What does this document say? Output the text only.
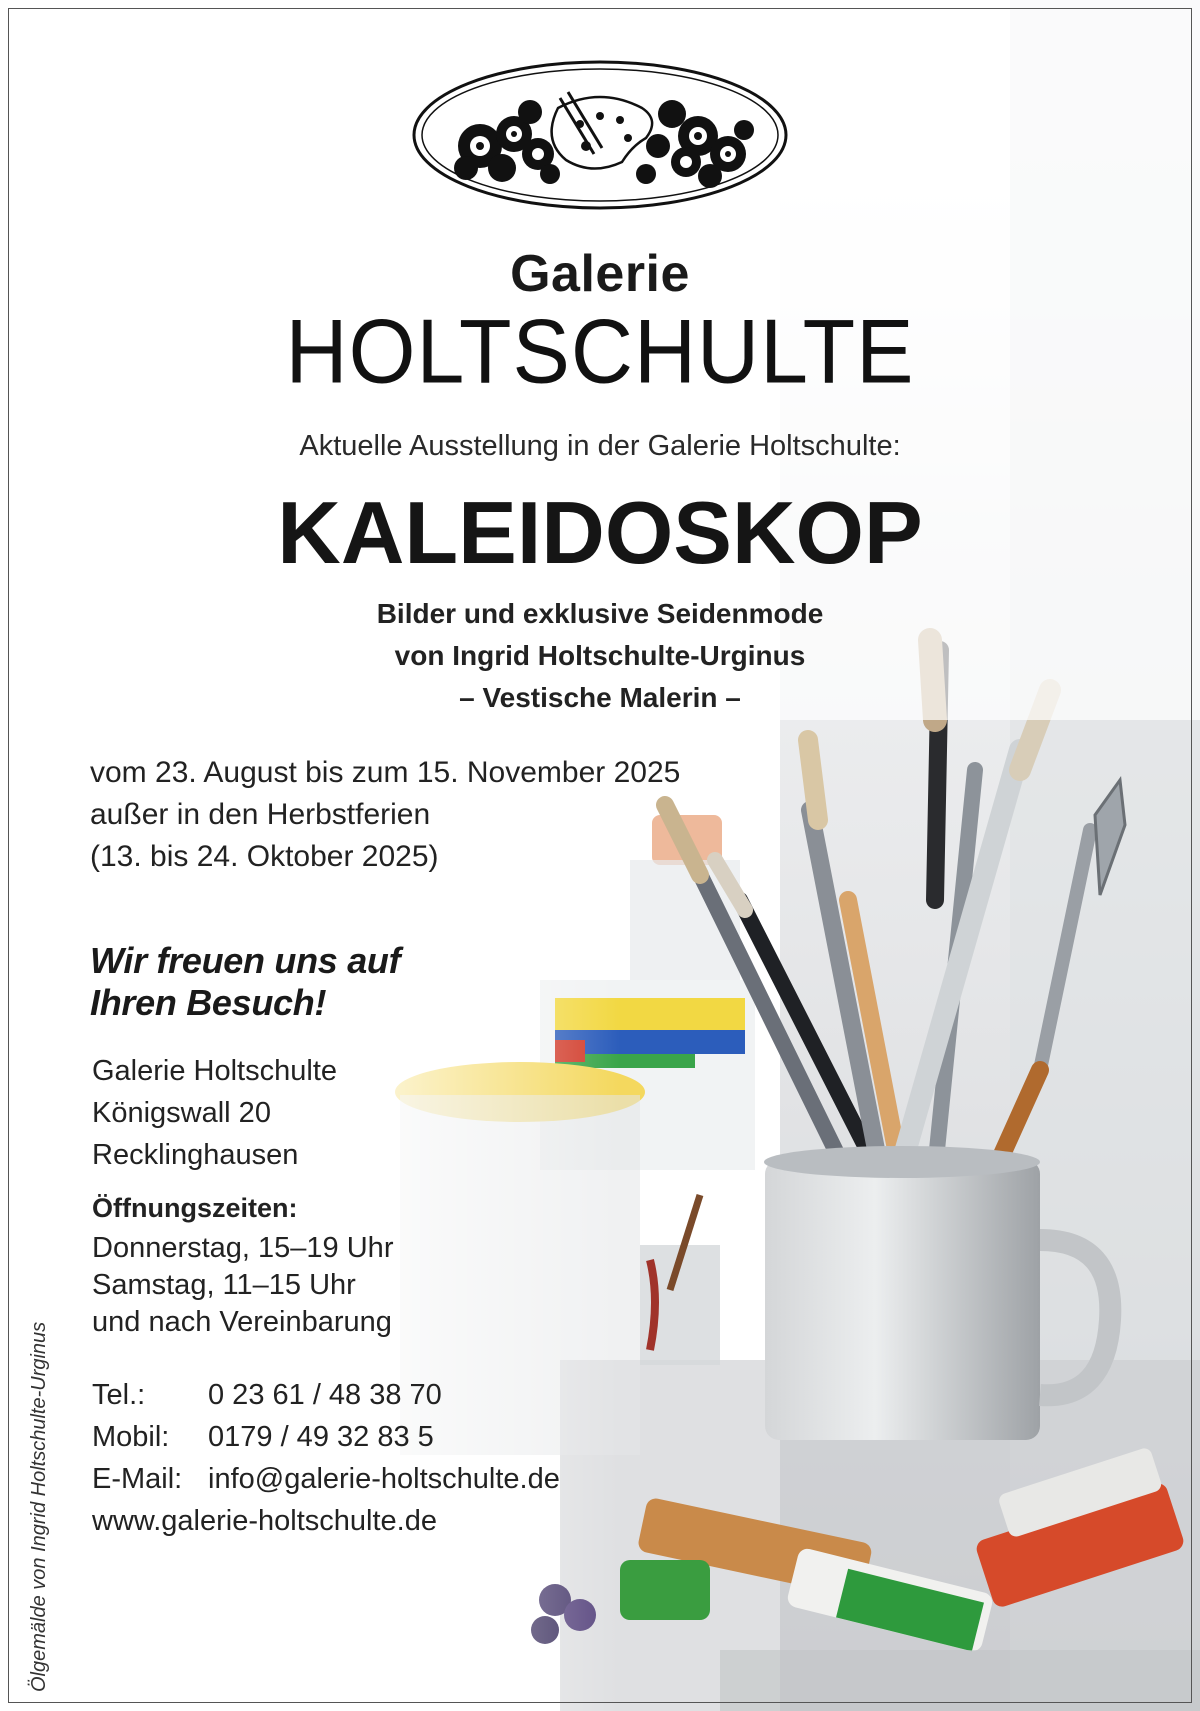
Galerie
HOLTSCHULTE
Aktuelle Ausstellung in der Galerie Holtschulte:
KALEIDOSKOP
Bilder und exklusive Seidenmode
von Ingrid Holtschulte-Urginus
– Vestische Malerin –
vom 23. August bis zum 15. November 2025
außer in den Herbstferien
(13. bis 24. Oktober 2025)
Wir freuen uns auf
Ihren Besuch!
Galerie Holtschulte
Königswall 20
Recklinghausen
Öffnungszeiten:
Donnerstag, 15–19 Uhr
Samstag, 11–15 Uhr
und nach Vereinbarung
Tel.:	0 23 61 / 48 38 70
Mobil:	0179 / 49 32 83 5
E-Mail: info@galerie-holtschulte.de
www.galerie-holtschulte.de
Ölgemälde von Ingrid Holtschulte-Urginus
